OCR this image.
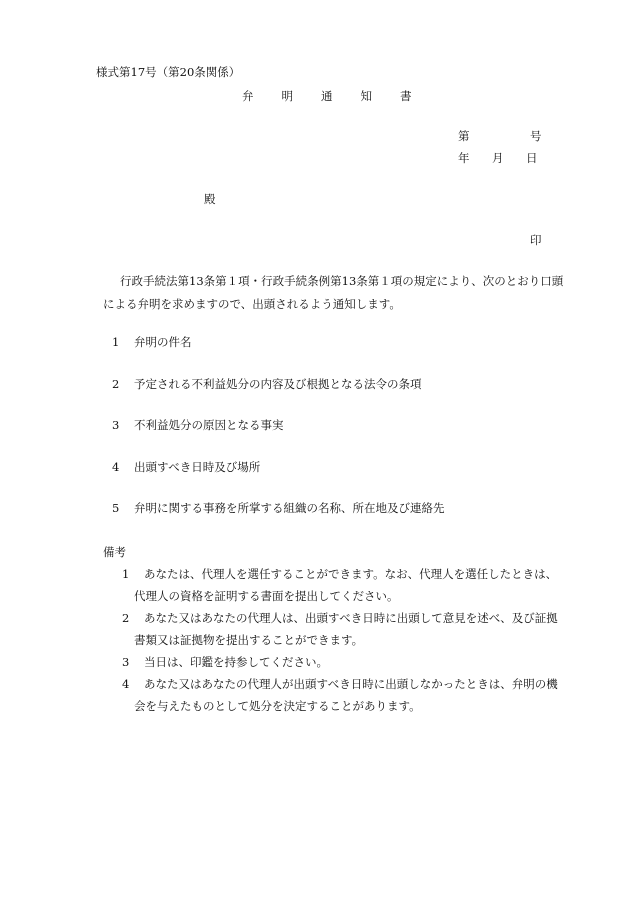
様式第17号（第20条関係）
弁 明 通 知 書
第	号
年 月 日
殿
印
行政手続法第13条第１項・行政手続条例第13条第１項の規定により、次のとおり口頭による弁明を求めますので、出頭されるよう通知します。
1 弁明の件名
2 予定される不利益処分の内容及び根拠となる法令の条項
3 不利益処分の原因となる事実
4 出頭すべき日時及び場所
5 弁明に関する事務を所掌する組織の名称、所在地及び連絡先
備考
1 あなたは、代理人を選任することができます。なお、代理人を選任したときは、
代理人の資格を証明する書面を提出してください。
2 あなた又はあなたの代理人は、出頭すべき日時に出頭して意見を述べ、及び証拠
書類又は証拠物を提出することができます。
3 当日は、印鑑を持参してください。
4 あなた又はあなたの代理人が出頭すべき日時に出頭しなかったときは、弁明の機
会を与えたものとして処分を決定することがあります。
